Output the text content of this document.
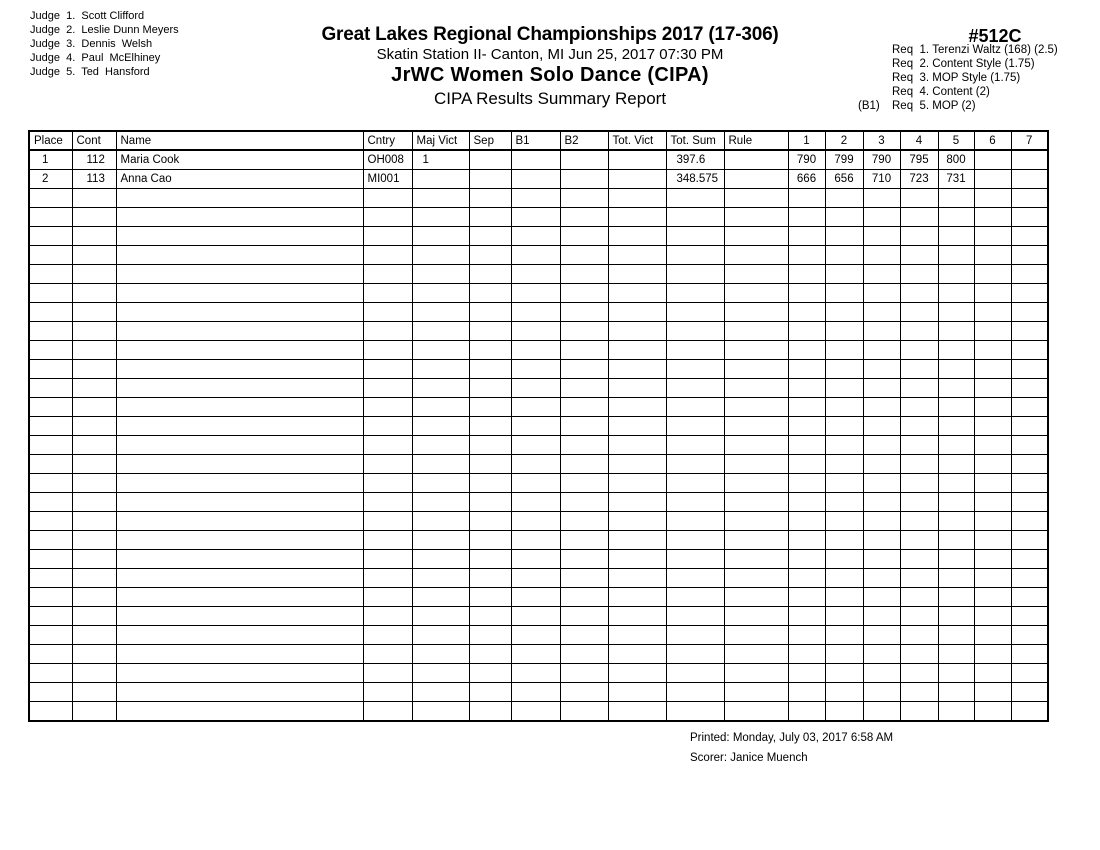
Judge  1. Scott Clifford
Judge  2. Leslie Dunn Meyers
Judge  3. Dennis  Welsh
Judge  4. Paul  McElhiney
Judge  5. Ted  Hansford
Great Lakes Regional Championships 2017 (17-306)
Skatin Station II- Canton, MI Jun 25, 2017 07:30 PM
JrWC Women Solo Dance (CIPA)
CIPA Results Summary Report
#512C
Req  1.
Terenzi Waltz (168) (2.5)
Req  2.
Content Style (1.75)
Req  3.
MOP Style (1.75)
Req  4.
Content (2)
(B1)	Req  5.
MOP (2)
Place	Cont	Name	Cntry	Maj Vict	Sep	B1	B2	Tot. Vict	Tot. Sum	Rule	1	2	3	4	5	6	7
1	112	Maria Cook	OH008	1					397.6		790	799	790	795	800		
2	113	Anna Cao	MI001						348.575		666	656	710	723	731		

Printed: Monday, July 03, 2017 6:58 AM
Scorer: Janice Muench
